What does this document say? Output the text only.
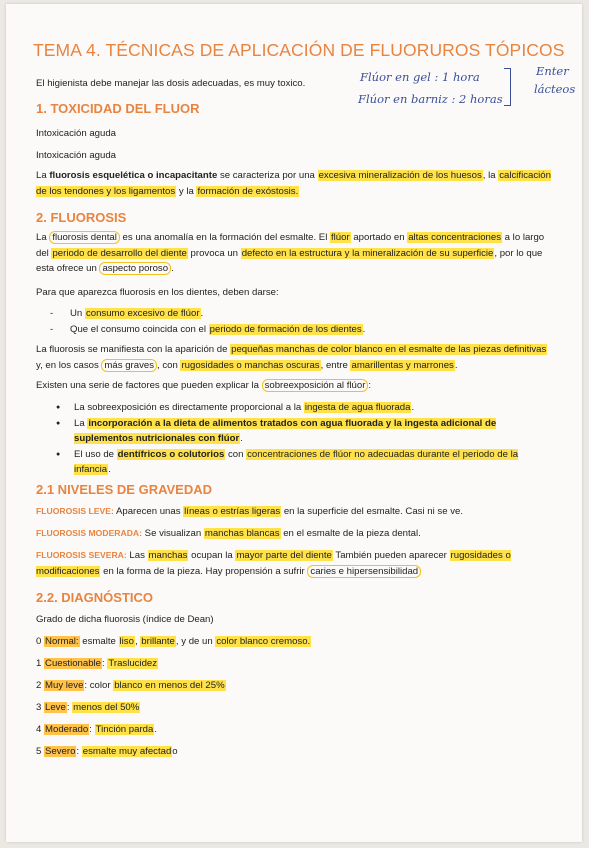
TEMA 4. TÉCNICAS DE APLICACIÓN DE FLUORUROS TÓPICOS
El higienista debe manejar las dosis adecuadas, es muy toxico.	Flúor en gel : 1 hora
Flúor en barniz : 2 horas
Enter
lácteos
1. TOXICIDAD DEL FLUOR
Intoxicación aguda
Intoxicación aguda
La fluorosis esquelética o incapacitante se caracteriza por una excesiva mineralización de los huesos, la calcificación de los tendones y los ligamentos y la formación de exóstosis.
2. FLUOROSIS
La fluorosis dental es una anomalía en la formación del esmalte. El flúor aportado en altas concentraciones a lo largo del periodo de desarrollo del diente provoca un defecto en la estructura y la mineralización de su superficie, por lo que esta ofrece un aspecto poroso .
Para que aparezca fluorosis en los dientes, deben darse:
- Un consumo excesivo de flúor.
- Que el consumo coincida con el periodo de formación de los dientes.
La fluorosis se manifiesta con la aparición de pequeñas manchas de color blanco en el esmalte de las piezas definitivas y, en los casos más graves , con rugosidades o manchas oscuras, entre amarillentas y marrones.
Existen una serie de factores que pueden explicar la sobreexposición al flúor :
● La sobreexposición es directamente proporcional a la ingesta de agua fluorada.
● La incorporación a la dieta de alimentos tratados con agua fluorada y la ingesta adicional de suplementos nutricionales con flúor.
● El uso de dentífricos o colutorios con concentraciones de flúor no adecuadas durante el periodo de la infancia.
2.1 NIVELES DE GRAVEDAD
FLUOROSIS LEVE: Aparecen unas líneas o estrías ligeras en la superficie del esmalte. Casi ni se ve.
FLUOROSIS MODERADA: Se visualizan manchas blancas en el esmalte de la pieza dental.
FLUOROSIS SEVERA: Las manchas ocupan la mayor parte del diente También pueden aparecer rugosidades o modificaciones en la forma de la pieza. Hay propensión a sufrir caries e hipersensibilidad
2.2. DIAGNÓSTICO
Grado de dicha fluorosis (índice de Dean)
0 Normal: esmalte liso, brillante, y de un color blanco cremoso.
1 Cuestionable: Traslucidez
2 Muy leve: color blanco en menos del 25%
3 Leve: menos del 50%
4 Moderado: Tinción parda.
5 Severo: esmalte muy afectado
